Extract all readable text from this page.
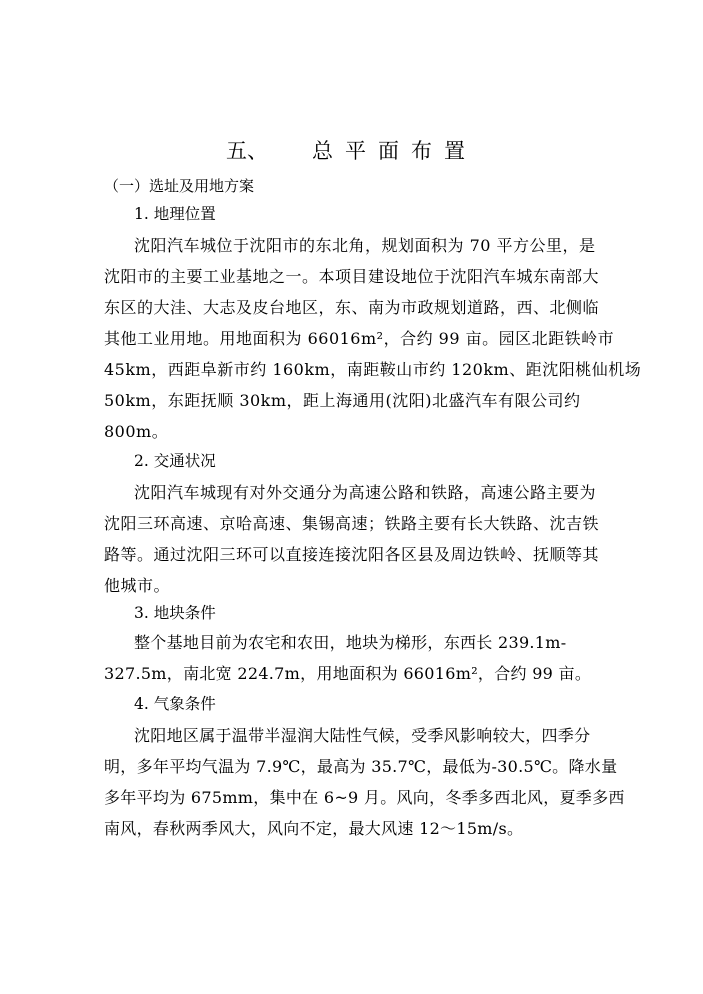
五、 总平面布置
（一）选址及用地方案
1. 地理位置
沈阳汽车城位于沈阳市的东北角，规划面积为 70 平方公里，是
沈阳市的主要工业基地之一。本项目建设地位于沈阳汽车城东南部大
东区的大洼、大志及皮台地区，东、南为市政规划道路，西、北侧临
其他工业用地。用地面积为 66016m²，合约 99 亩。园区北距铁岭市
45km，西距阜新市约 160km，南距鞍山市约 120km、距沈阳桃仙机场
50km，东距抚顺 30km，距上海通用(沈阳)北盛汽车有限公司约
800m。
2. 交通状况
沈阳汽车城现有对外交通分为高速公路和铁路，高速公路主要为
沈阳三环高速、京哈高速、集锡高速；铁路主要有长大铁路、沈吉铁
路等。通过沈阳三环可以直接连接沈阳各区县及周边铁岭、抚顺等其
他城市。
3. 地块条件
整个基地目前为农宅和农田，地块为梯形，东西长 239.1m-
327.5m，南北宽 224.7m，用地面积为 66016m²，合约 99 亩。
4. 气象条件
沈阳地区属于温带半湿润大陆性气候，受季风影响较大，四季分
明，多年平均气温为 7.9℃，最高为 35.7℃，最低为-30.5℃。降水量
多年平均为 675mm，集中在 6~9 月。风向，冬季多西北风，夏季多西
南风，春秋两季风大，风向不定，最大风速 12～15m/s。
